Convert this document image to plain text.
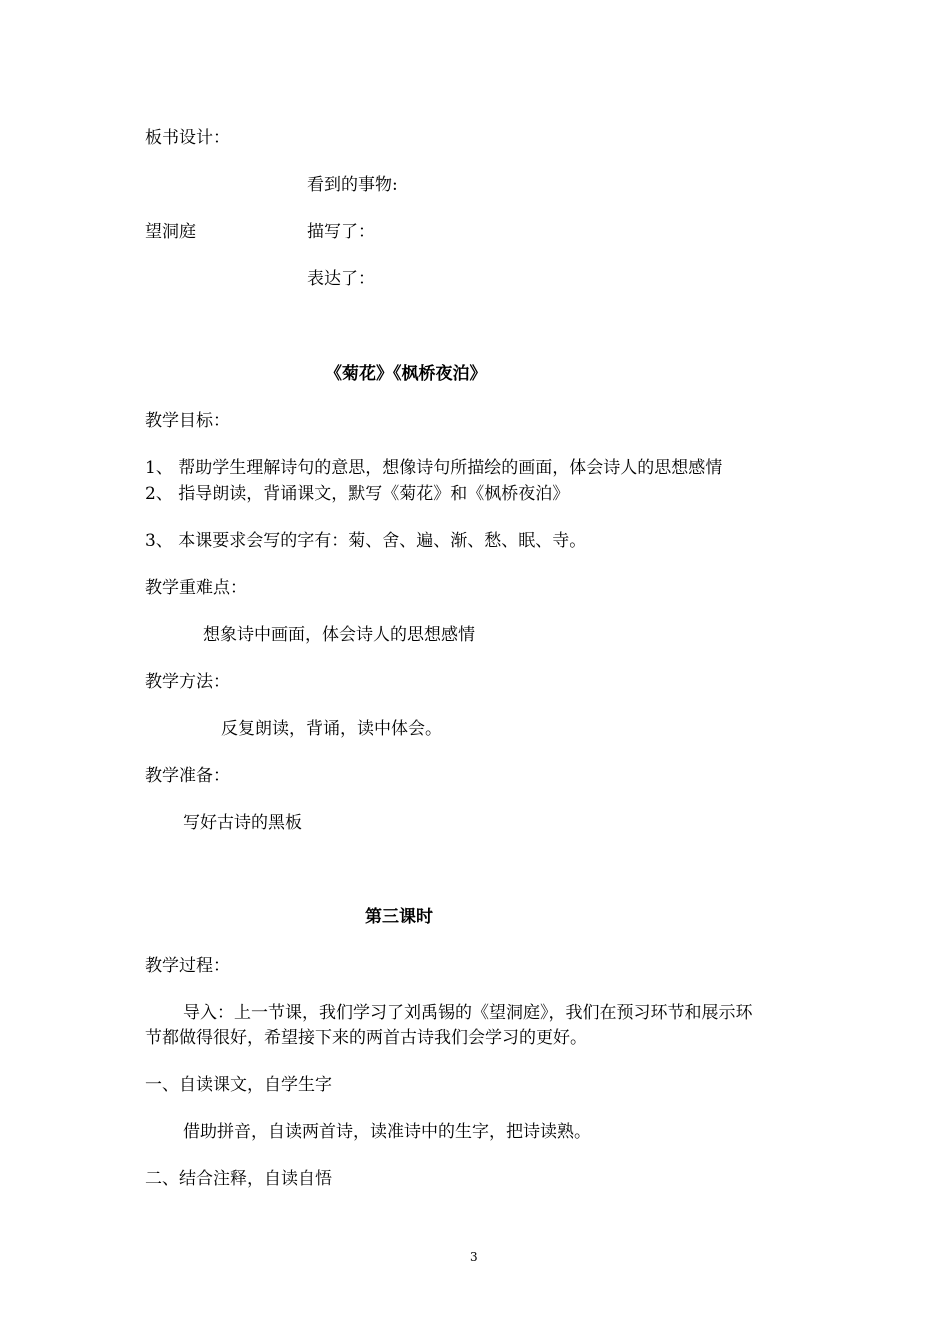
板书设计：
看到的事物:
望洞庭	描写了：
表达了：
《菊花》《枫桥夜泊》
教学目标：
1、 帮助学生理解诗句的意思，想像诗句所描绘的画面，体会诗人的思想感情
2、 指导朗读，背诵课文，默写《菊花》和《枫桥夜泊》
3、 本课要求会写的字有：菊、舍、遍、渐、愁、眠、寺。
教学重难点：
想象诗中画面，体会诗人的思想感情
教学方法：
反复朗读，背诵，读中体会。
教学准备：
写好古诗的黑板
第三课时
教学过程：
导入：上一节课，我们学习了刘禹锡的《望洞庭》，我们在预习环节和展示环
节都做得很好，希望接下来的两首古诗我们会学习的更好。
一、自读课文，自学生字
借助拼音，自读两首诗，读准诗中的生字，把诗读熟。
二、结合注释，自读自悟
3
